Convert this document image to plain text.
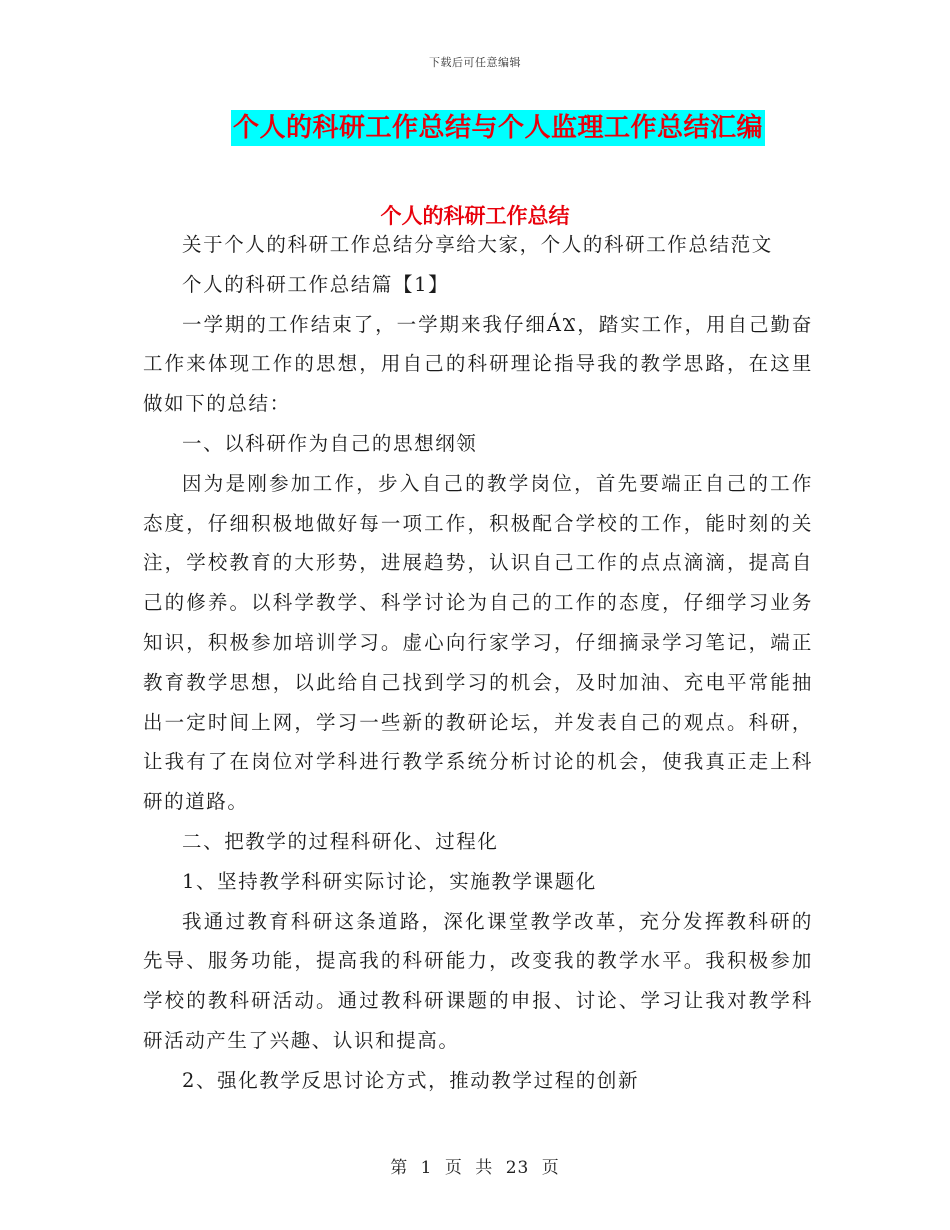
下载后可任意编辑
个人的科研工作总结与个人监理工作总结汇编
个人的科研工作总结

关于个人的科研工作总结分享给大家，个人的科研工作总结范文

个人的科研工作总结篇【1】

一学期的工作结束了，一学期来我仔细ÁϪ，踏实工作，用自己勤奋工作来体现工作的思想，用自己的科研理论指导我的教学思路，在这里做如下的总结：

一、以科研作为自己的思想纲领

因为是刚参加工作，步入自己的教学岗位，首先要端正自己的工作态度，仔细积极地做好每一项工作，积极配合学校的工作，能时刻的关注，学校教育的大形势，进展趋势，认识自己工作的点点滴滴，提高自己的修养。以科学教学、科学讨论为自己的工作的态度，仔细学习业务知识，积极参加培训学习。虚心向行家学习，仔细摘录学习笔记，端正教育教学思想，以此给自己找到学习的机会，及时加油、充电平常能抽出一定时间上网，学习一些新的教研论坛，并发表自己的观点。科研，让我有了在岗位对学科进行教学系统分析讨论的机会，使我真正走上科研的道路。

二、把教学的过程科研化、过程化

1、坚持教学科研实际讨论，实施教学课题化

我通过教育科研这条道路，深化课堂教学改革，充分发挥教科研的先导、服务功能，提高我的科研能力，改变我的教学水平。我积极参加学校的教科研活动。通过教科研课题的申报、讨论、学习让我对教学科研活动产生了兴趣、认识和提高。

2、强化教学反思讨论方式，推动教学过程的创新

第 1 页 共 23 页
